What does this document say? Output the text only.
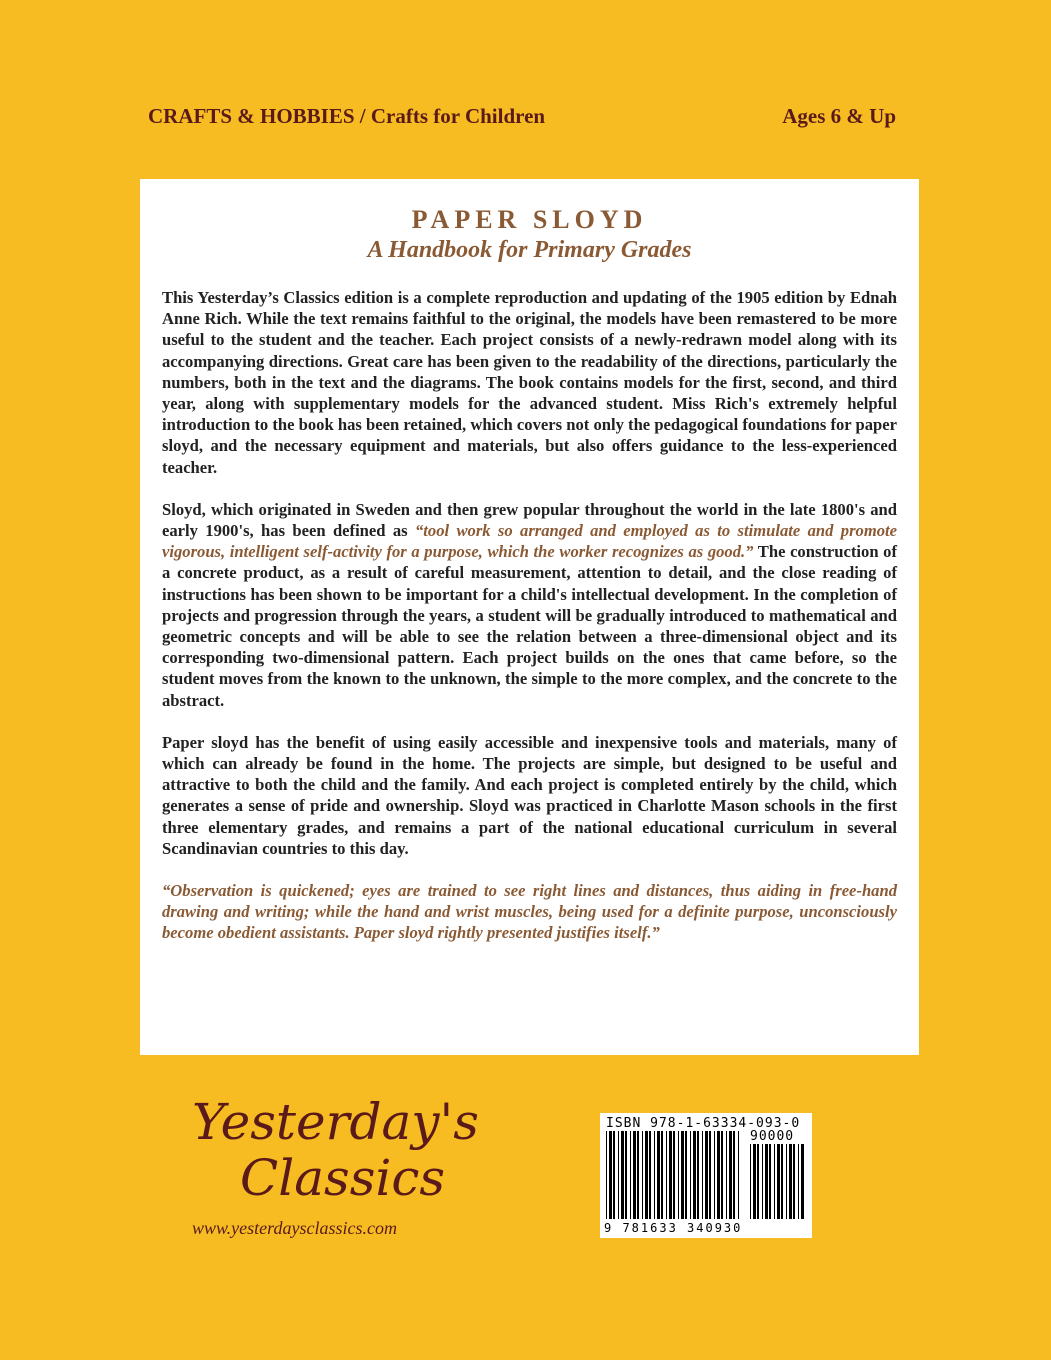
CRAFTS & HOBBIES / Crafts for Children	Ages 6 & Up
PAPER SLOYD
A Handbook for Primary Grades

This Yesterday’s Classics edition is a complete reproduction and updating of the 1905 edition by Ednah Anne Rich. While the text remains faithful to the original, the models have been remastered to be more useful to the student and the teacher. Each project consists of a newly-redrawn model along with its accompanying directions. Great care has been given to the readability of the directions, particularly the numbers, both in the text and the diagrams. The book contains models for the first, second, and third year, along with supplementary models for the advanced student. Miss Rich's extremely helpful introduction to the book has been retained, which covers not only the pedagogical foundations for paper sloyd, and the necessary equipment and materials, but also offers guidance to the less-experienced teacher.

Sloyd, which originated in Sweden and then grew popular throughout the world in the late 1800's and early 1900's, has been defined as “tool work so arranged and employed as to stimulate and promote vigorous, intelligent self-activity for a purpose, which the worker recognizes as good.” The construction of a concrete product, as a result of careful measurement, attention to detail, and the close reading of instructions has been shown to be important for a child's intellectual development. In the completion of projects and progression through the years, a student will be gradually introduced to mathematical and geometric concepts and will be able to see the relation between a three-dimensional object and its corresponding two-dimensional pattern. Each project builds on the ones that came before, so the student moves from the known to the unknown, the simple to the more complex, and the concrete to the abstract.

Paper sloyd has the benefit of using easily accessible and inexpensive tools and materials, many of which can already be found in the home. The projects are simple, but designed to be useful and attractive to both the child and the family. And each project is completed entirely by the child, which generates a sense of pride and ownership. Sloyd was practiced in Charlotte Mason schools in the first three elementary grades, and remains a part of the national educational curriculum in several Scandinavian countries to this day.

“Observation is quickened; eyes are trained to see right lines and distances, thus aiding in free-hand drawing and writing; while the hand and wrist muscles, being used for a definite purpose, unconsciously become obedient assistants. Paper sloyd rightly presented justifies itself.”

Yesterday's
Classics
www.yesterdaysclassics.com
ISBN 978-1-63334-093-0
90000
9 781633 340930
